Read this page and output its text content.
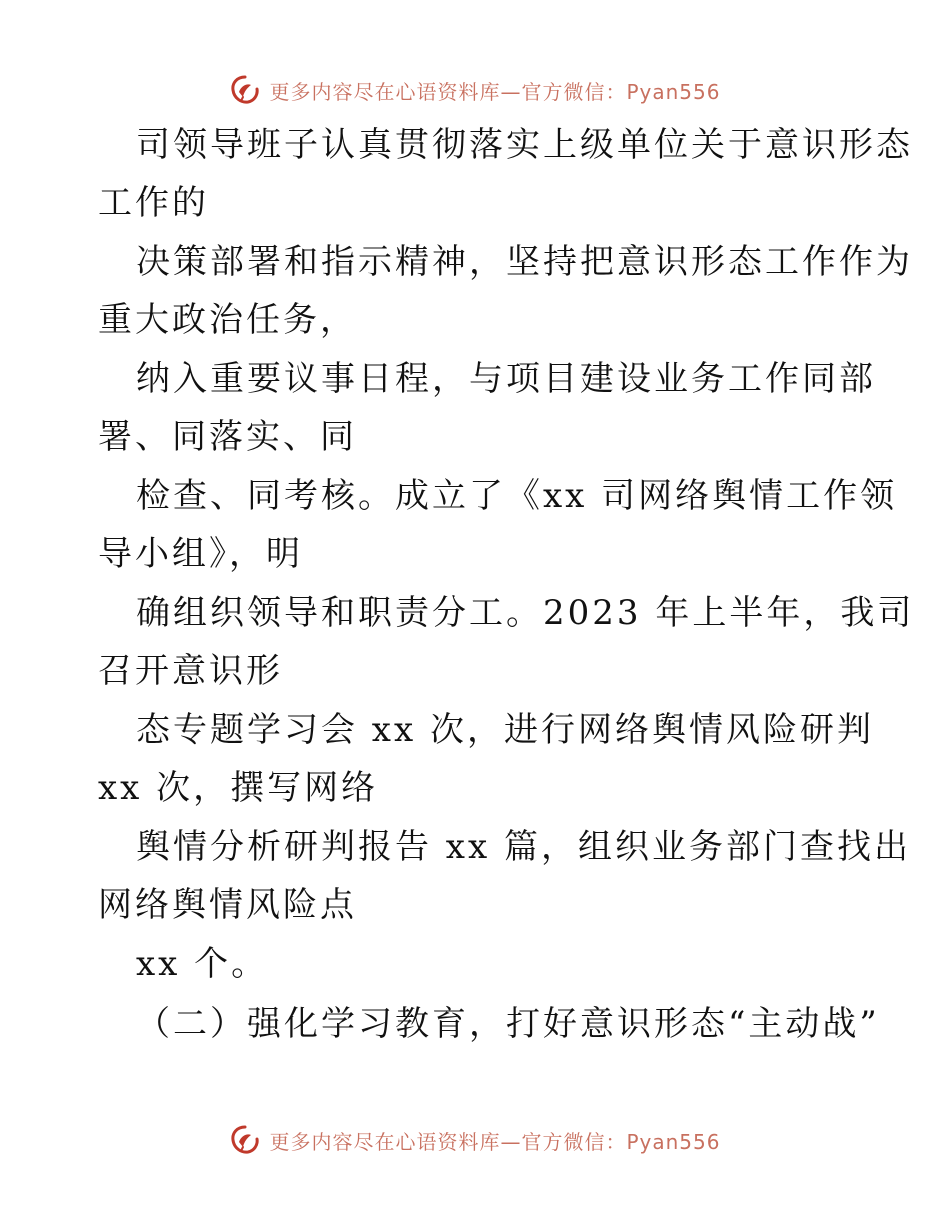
更多内容尽在心语资料库—官方微信：Pyan556
司领导班子认真贯彻落实上级单位关于意识形态
工作的
决策部署和指示精神，坚持把意识形态工作作为
重大政治任务，
纳入重要议事日程，与项目建设业务工作同部
署、同落实、同
检查、同考核。成立了《xx 司网络舆情工作领
导小组》，明
确组织领导和职责分工。2023 年上半年，我司
召开意识形
态专题学习会 xx 次，进行网络舆情风险研判
xx 次，撰写网络
舆情分析研判报告 xx 篇，组织业务部门查找出
网络舆情风险点
xx 个。
（二）强化学习教育，打好意识形态“主动战”
更多内容尽在心语资料库—官方微信：Pyan556
